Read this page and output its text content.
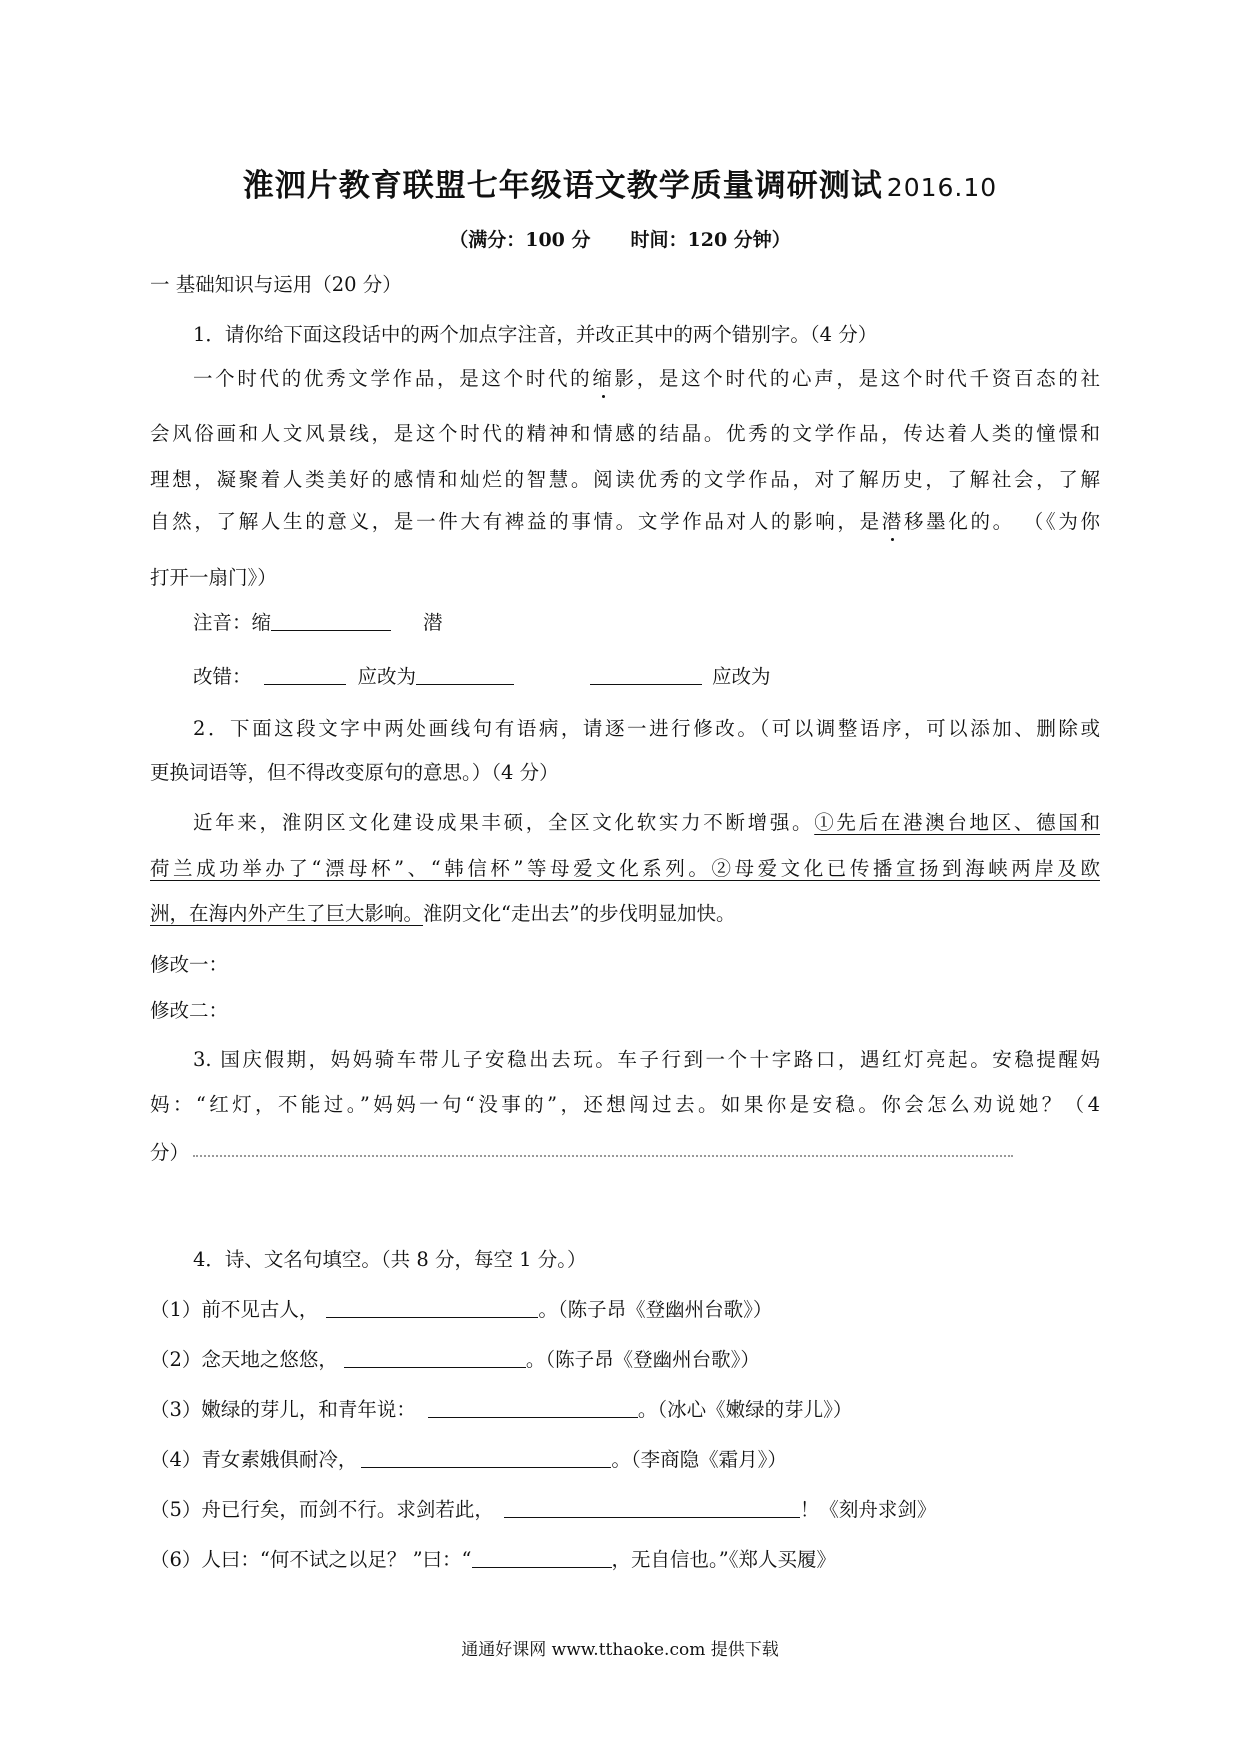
淮泗片教育联盟七年级语文教学质量调研测试 2016.10
（满分：100 分 时间：120 分钟）
一 基础知识与运用（20 分）
1．请你给下面这段话中的两个加点字注音，并改正其中的两个错别字。（4 分）
一个时代的优秀文学作品，是这个时代的缩影，是这个时代的心声，是这个时代千资百态的社
会风俗画和人文风景线，是这个时代的精神和情感的结晶。优秀的文学作品，传达着人类的憧憬和
理想，凝聚着人类美好的感情和灿烂的智慧。阅读优秀的文学作品，对了解历史，了解社会，了解
自然，了解人生的意义，是一件大有裨益的事情。文学作品对人的影响，是潜移墨化的。 （《为你
打开一扇门》）
注音：缩	潜
改错：	应改为	应改为
2．下面这段文字中两处画线句有语病，请逐一进行修改。（可以调整语序，可以添加、删除或
更换词语等，但不得改变原句的意思。）（4 分）
近年来，淮阴区文化建设成果丰硕，全区文化软实力不断增强。①先后在港澳台地区、德国和
荷兰成功举办了“漂母杯”、“韩信杯”等母爱文化系列。②母爱文化已传播宣扬到海峡两岸及欧
洲，在海内外产生了巨大影响。淮阴文化“走出去”的步伐明显加快。
修改一：
修改二：
3. 国庆假期，妈妈骑车带儿子安稳出去玩。车子行到一个十字路口，遇红灯亮起。安稳提醒妈
妈：“红灯，不能过。”妈妈一句“没事的”，还想闯过去。如果你是安稳。你会怎么劝说她？（4
分）
4．诗、文名句填空。（共 8 分，每空 1 分。）
（1）前不见古人，	。（陈子昂《登幽州台歌》）
（2）念天地之悠悠，	。（陈子昂《登幽州台歌》）
（3）嫩绿的芽儿，和青年说：	。（冰心《嫩绿的芽儿》）
（4）青女素娥俱耐冷，	。（李商隐《霜月》）
（5）舟已行矣，而剑不行。求剑若此，	！《刻舟求剑》
（6）人曰：“何不试之以足？ ”曰：“	，无自信也。”《郑人买履》
通通好课网 www.tthaoke.com 提供下载
